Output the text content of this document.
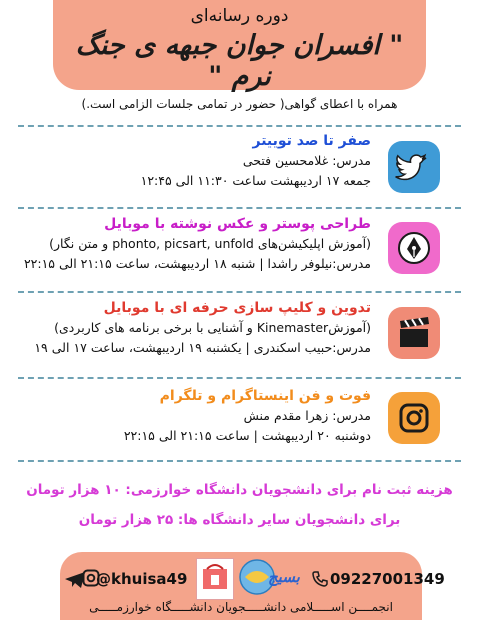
دوره رسانه‌ای
" افسران جوان جبهه ی جنگ نرم "
همراه با اعطای گواهی( حضور در تمامی جلسات الزامی است.)
صفر تا صد توییتر
مدرس: غلامحسین فتحی
جمعه ۱۷ اردیبهشت ساعت ۱۱:۳۰ الی ۱۲:۴۵
طراحی پوستر و عکس نوشته با موبایل
(آموزش اپلیکیشن‌های phonto, picsart, unfold و متن نگار)
مدرس:نیلوفر راشدا | شنبه ۱۸ اردیبهشت، ساعت ۲۱:۱۵ الی ۲۲:۱۵
تدوین و کلیپ سازی حرفه ای با موبایل
(آموزشKinemaster و آشنایی با برخی برنامه های کاربردی)
مدرس:حبیب اسکندری | یکشنبه ۱۹ اردیبهشت، ساعت ۱۷ الی ۱۹
فوت و فن اینستاگرام و تلگرام
مدرس: زهرا مقدم منش
دوشنبه ۲۰ اردیبهشت | ساعت ۲۱:۱۵ الی ۲۲:۱۵
هزینه ثبت نام برای دانشجویان دانشگاه خوارزمی: ۱۰ هزار تومان
برای دانشجویان سایر دانشگاه ها: ۲۵ هزار تومان
@khuisa49	بسیج 09227001349
انجمــــن اســـــلامی دانشـــــجویان دانشـــــگاه خوارزمـــــی
